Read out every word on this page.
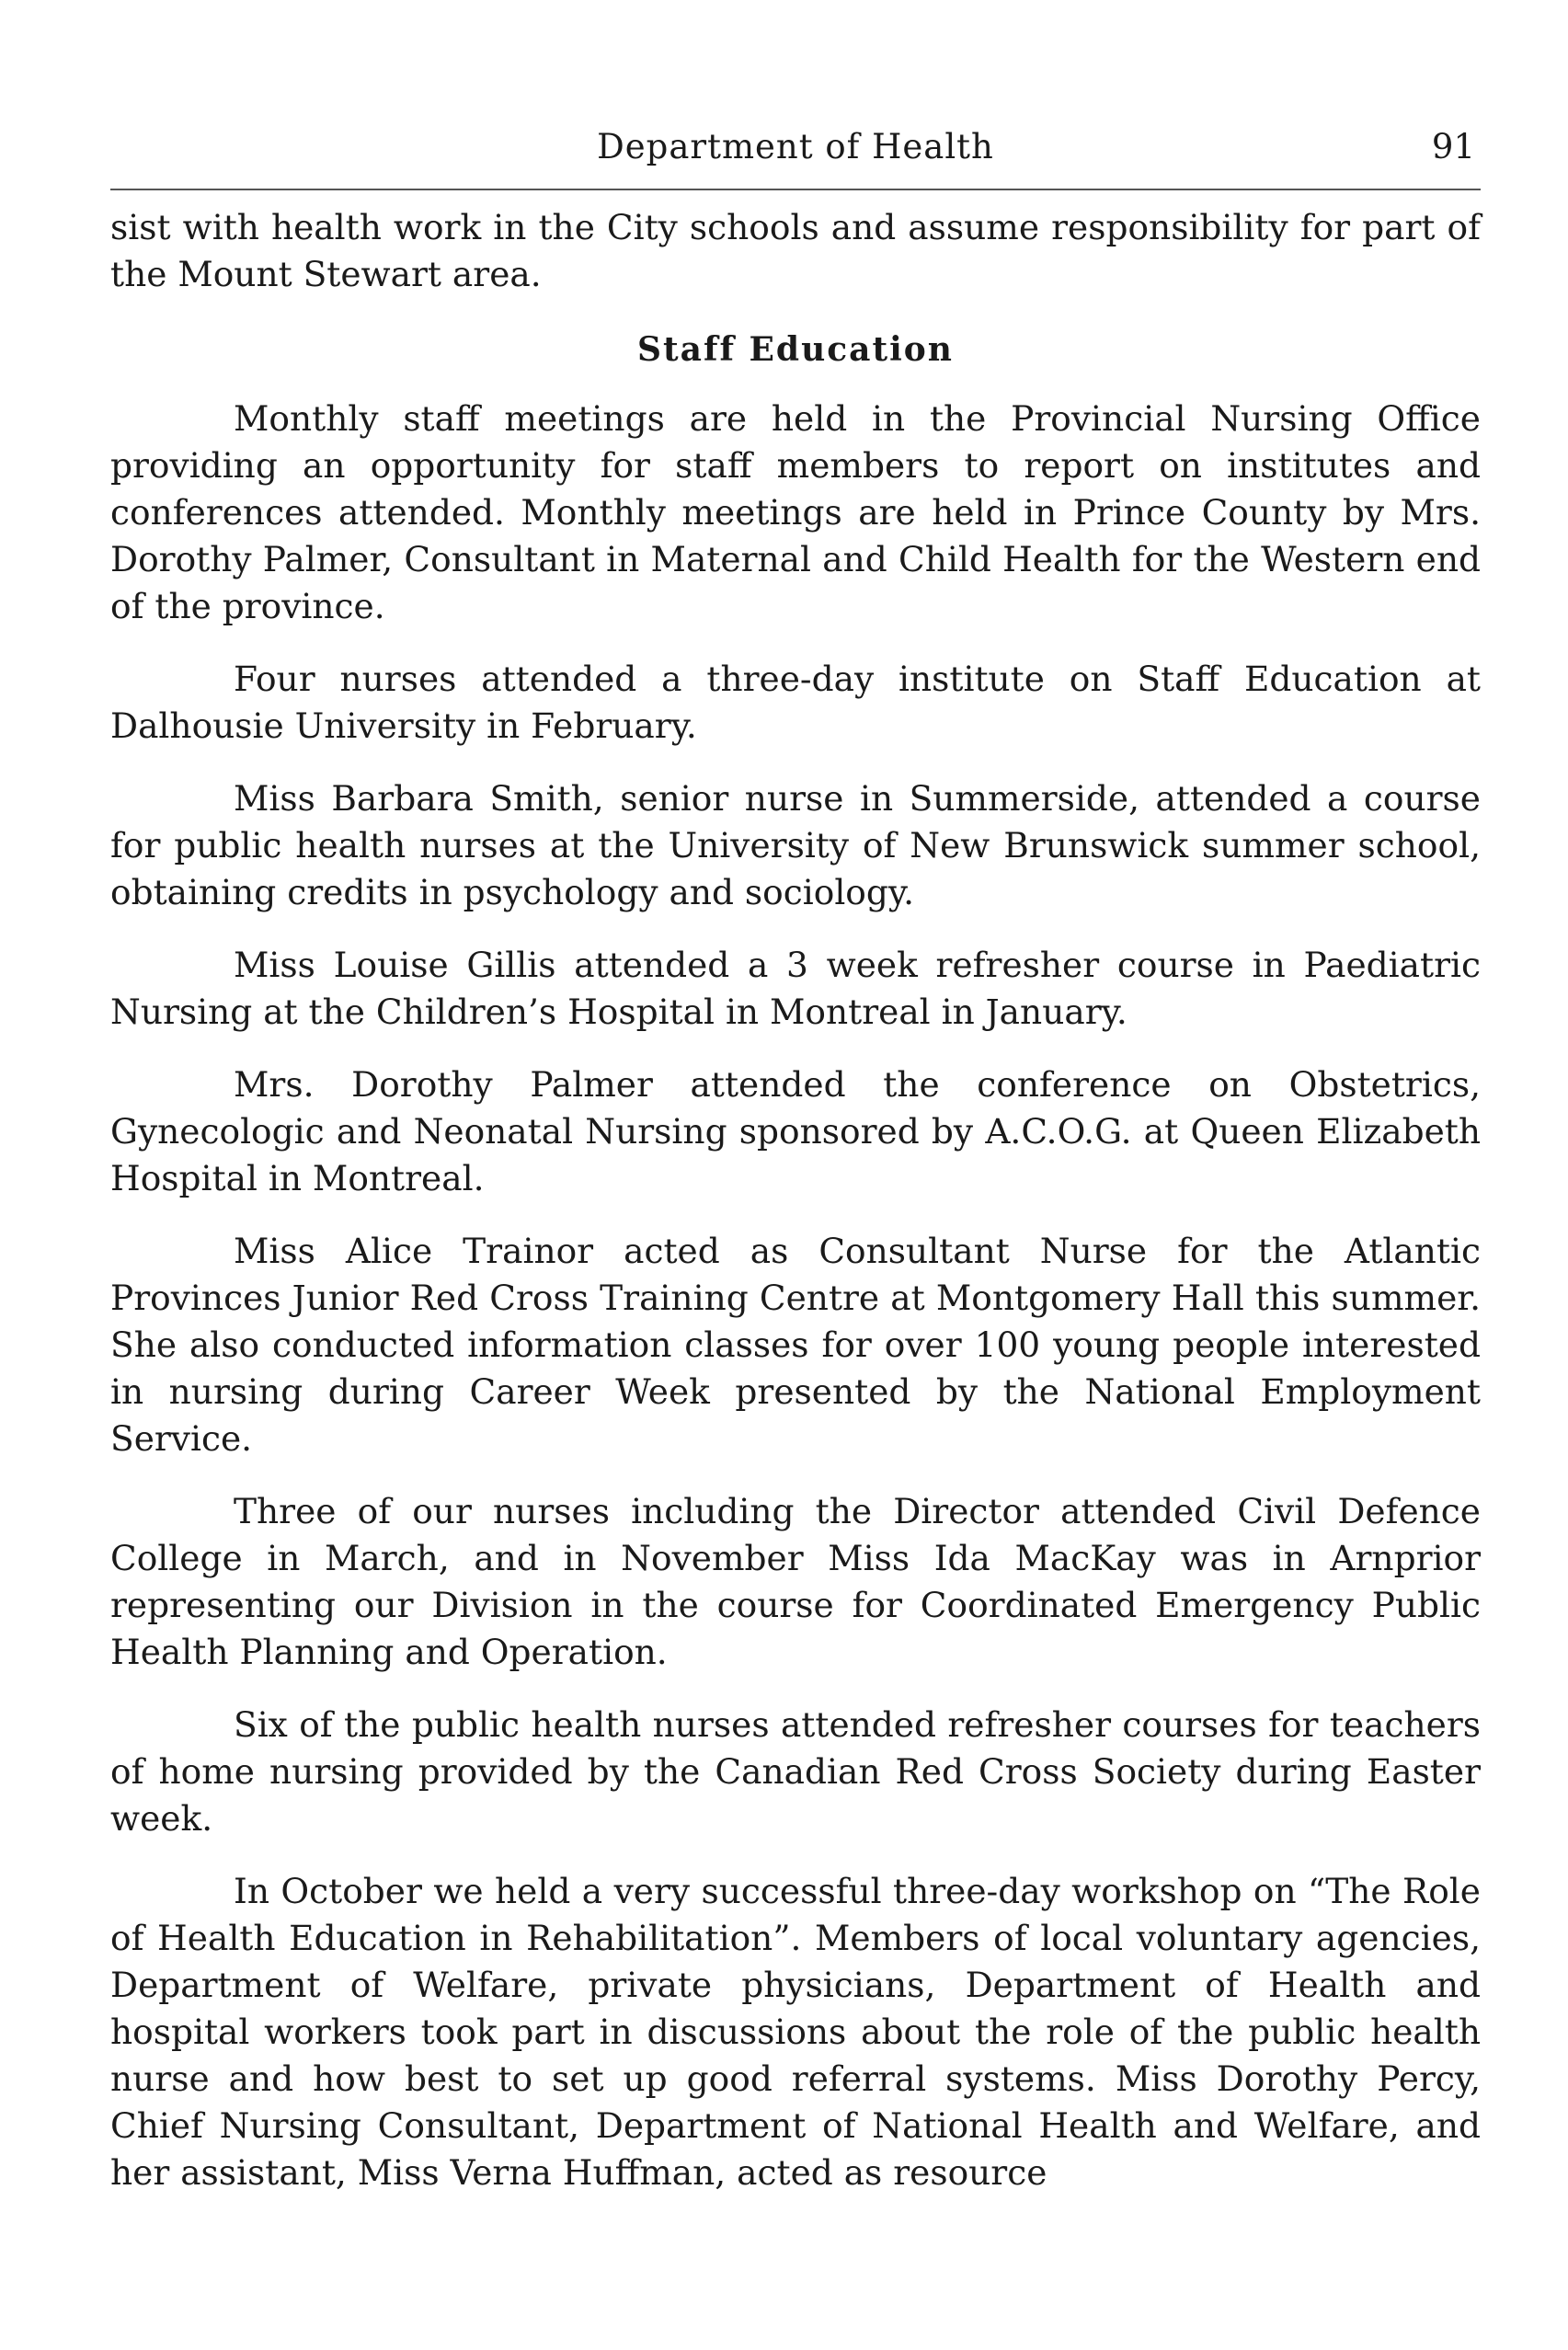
Department of Health	91

sist with health work in the City schools and assume responsibility for part of the Mount Stewart area.

Staff Education

Monthly staff meetings are held in the Provincial Nursing Office providing an opportunity for staff members to report on institutes and conferences attended. Monthly meetings are held in Prince County by Mrs. Dorothy Palmer, Consultant in Maternal and Child Health for the Western end of the province.

Four nurses attended a three-day institute on Staff Education at Dalhousie University in February.

Miss Barbara Smith, senior nurse in Summerside, attended a course for public health nurses at the University of New Brunswick summer school, obtaining credits in psychology and sociology.

Miss Louise Gillis attended a 3 week refresher course in Paediatric Nursing at the Children’s Hospital in Montreal in January.

Mrs. Dorothy Palmer attended the conference on Obstetrics, Gynecologic and Neonatal Nursing sponsored by A.C.O.G. at Queen Elizabeth Hospital in Montreal.

Miss Alice Trainor acted as Consultant Nurse for the Atlantic Provinces Junior Red Cross Training Centre at Montgomery Hall this summer. She also conducted information classes for over 100 young people interested in nursing during Career Week presented by the National Employment Service.

Three of our nurses including the Director attended Civil Defence College in March, and in November Miss Ida MacKay was in Arnprior representing our Division in the course for Coordinated Emergency Public Health Planning and Operation.

Six of the public health nurses attended refresher courses for teachers of home nursing provided by the Canadian Red Cross Society during Easter week.

In October we held a very successful three-day workshop on “The Role of Health Education in Rehabilitation”. Members of local voluntary agencies, Department of Welfare, private physicians, Department of Health and hospital workers took part in discussions about the role of the public health nurse and how best to set up good referral systems. Miss Dorothy Percy, Chief Nursing Consultant, Department of National Health and Welfare, and her assistant, Miss Verna Huffman, acted as resource
